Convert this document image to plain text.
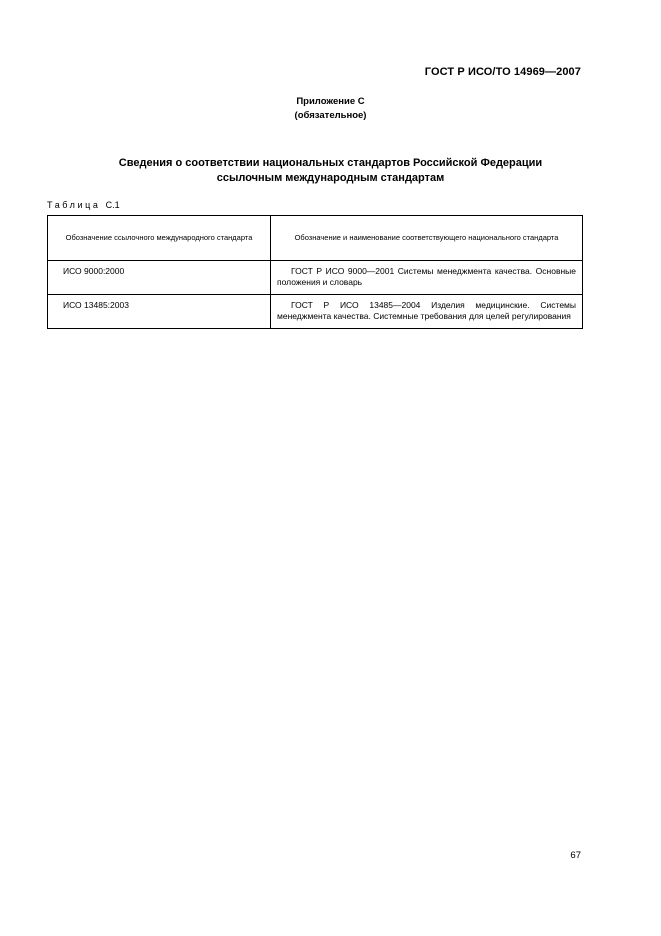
ГОСТ Р ИСО/ТО 14969—2007
Приложение С
(обязательное)
Сведения о соответствии национальных стандартов Российской Федерации
ссылочным международным стандартам
Таблица С.1
Обозначение ссылочного международного стандарта	Обозначение и наименование соответствующего национального стандарта
ИСО 9000:2000	ГОСТ Р ИСО 9000—2001 Системы менеджмента качества. Основные положения и словарь
ИСО 13485:2003	ГОСТ Р ИСО 13485—2004 Изделия медицинские. Системы менеджмента качества. Системные требования для целей регулирования
67
